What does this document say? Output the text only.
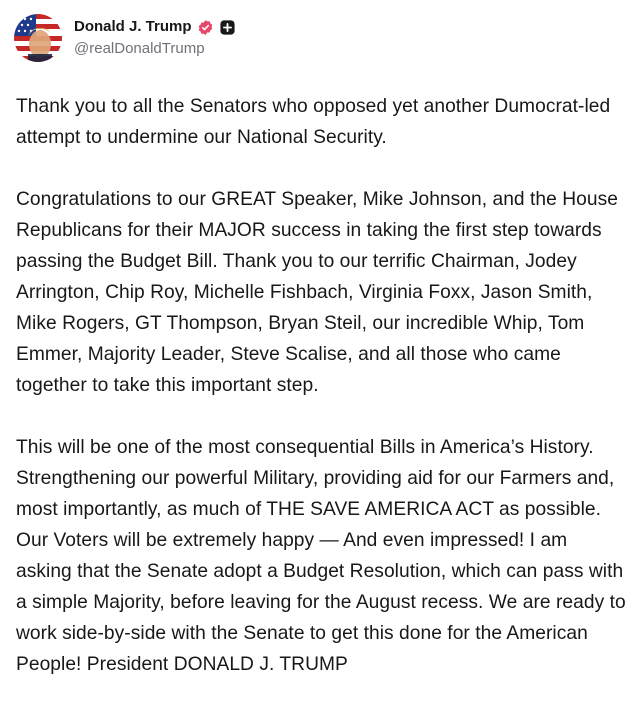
Donald J. Trump
@realDonaldTrump

Thank you to all the Senators who opposed yet another Dumocrat-led attempt to undermine our National Security.

Congratulations to our GREAT Speaker, Mike Johnson, and the House Republicans for their MAJOR success in taking the first step towards passing the Budget Bill. Thank you to our terrific Chairman, Jodey Arrington, Chip Roy, Michelle Fishbach, Virginia Foxx, Jason Smith, Mike Rogers, GT Thompson, Bryan Steil, our incredible Whip, Tom Emmer, Majority Leader, Steve Scalise, and all those who came together to take this important step.

This will be one of the most consequential Bills in America’s History. Strengthening our powerful Military, providing aid for our Farmers and, most importantly, as much of THE SAVE AMERICA ACT as possible. Our Voters will be extremely happy — And even impressed! I am asking that the Senate adopt a Budget Resolution, which can pass with a simple Majority, before leaving for the August recess. We are ready to work side-by-side with the Senate to get this done for the American People! President DONALD J. TRUMP
